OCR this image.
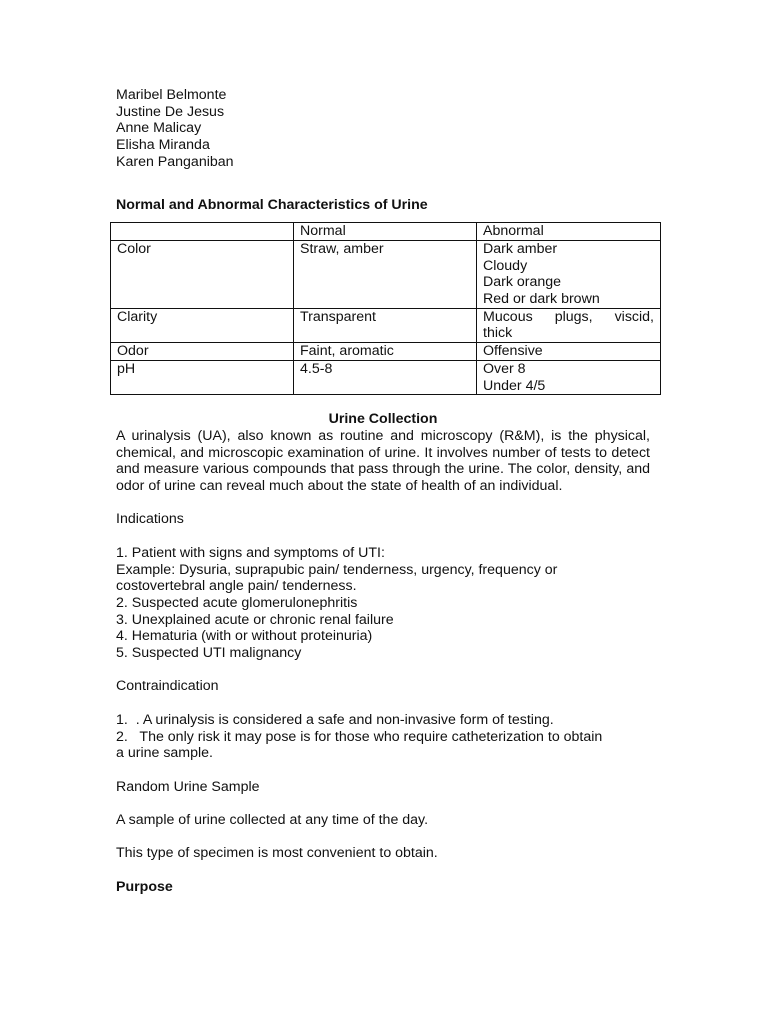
Maribel Belmonte
Justine De Jesus
Anne Malicay
Elisha Miranda
Karen Panganiban
Normal and Abnormal Characteristics of Urine
	Normal	Abnormal
Color	Straw, amber	Dark amber
Cloudy
Dark orange
Red or dark brown

Clarity	Transparent	Mucous plugs, viscid,
thick

Odor	Faint, aromatic	Offensive

pH	4.5-8	Over 8
Under 4/5
Urine Collection

A urinalysis (UA), also known as routine and microscopy (R&M), is the physical, chemical, and microscopic examination of urine. It involves number of tests to detect and measure various compounds that pass through the urine. The color, density, and odor of urine can reveal much about the state of health of an individual.

Indications
1. Patient with signs and symptoms of UTI:
Example: Dysuria, suprapubic pain/ tenderness, urgency, frequency or
costovertebral angle pain/ tenderness.
2. Suspected acute glomerulonephritis
3. Unexplained acute or chronic renal failure
4. Hematuria (with or without proteinuria)
5. Suspected UTI malignancy
Contraindication
1.  . A urinalysis is considered a safe and non-invasive form of testing.
2.   The only risk it may pose is for those who require catheterization to obtain
a urine sample.
Random Urine Sample
A sample of urine collected at any time of the day.
This type of specimen is most convenient to obtain.
Purpose
